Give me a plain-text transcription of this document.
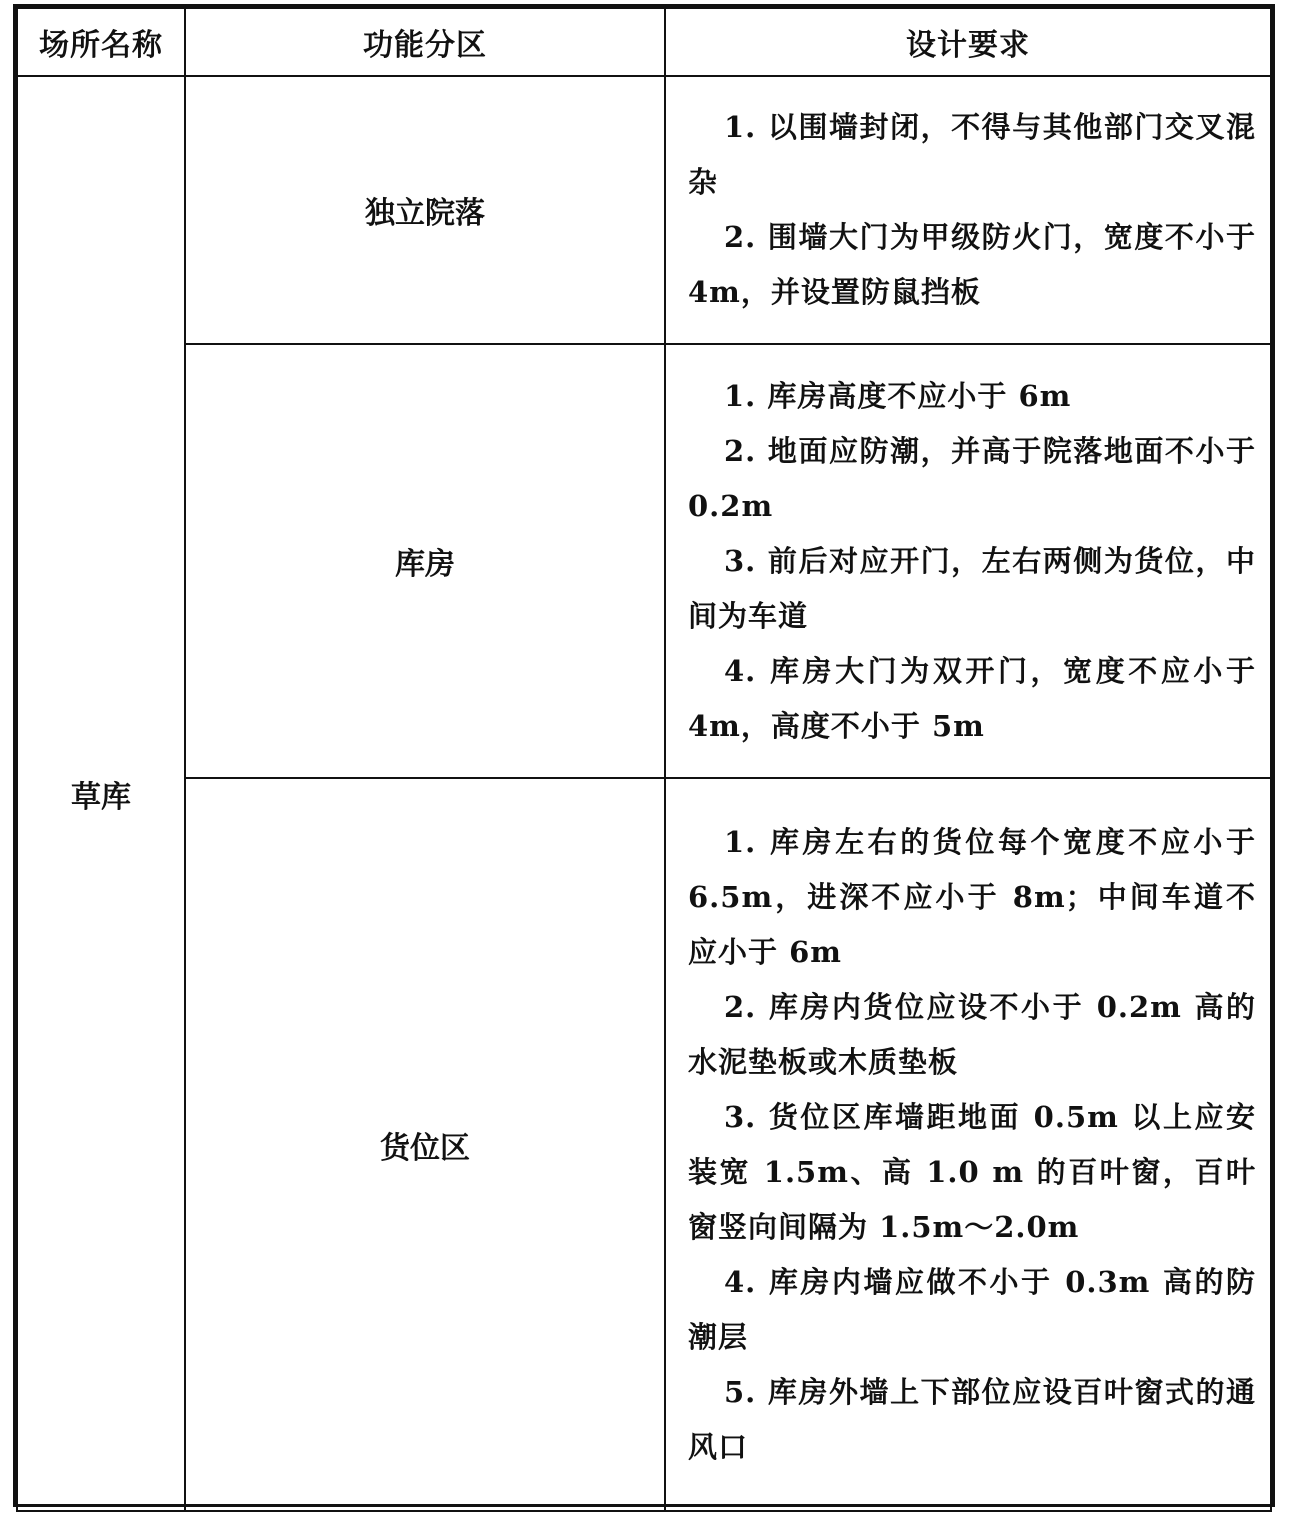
场所名称	功能分区	设计要求
草库	独立院落	1. 以围墙封闭，不得与其他部门交叉混杂
2. 围墙大门为甲级防火门，宽度不小于 4m，并设置防鼠挡板

	库房	1. 库房高度不应小于 6m
2. 地面应防潮，并高于院落地面不小于 0.2m
3. 前后对应开门，左右两侧为货位，中间为车道
4. 库房大门为双开门，宽度不应小于 4m，高度不小于 5m

	货位区	1. 库房左右的货位每个宽度不应小于 6.5m，进深不应小于 8m；中间车道不应小于 6m
2. 库房内货位应设不小于 0.2m 高的水泥垫板或木质垫板
3. 货位区库墙距地面 0.5m 以上应安装宽 1.5m、高 1.0 m 的百叶窗，百叶窗竖向间隔为 1.5m～2.0m
4. 库房内墙应做不小于 0.3m 高的防潮层
5. 库房外墙上下部位应设百叶窗式的通风口
